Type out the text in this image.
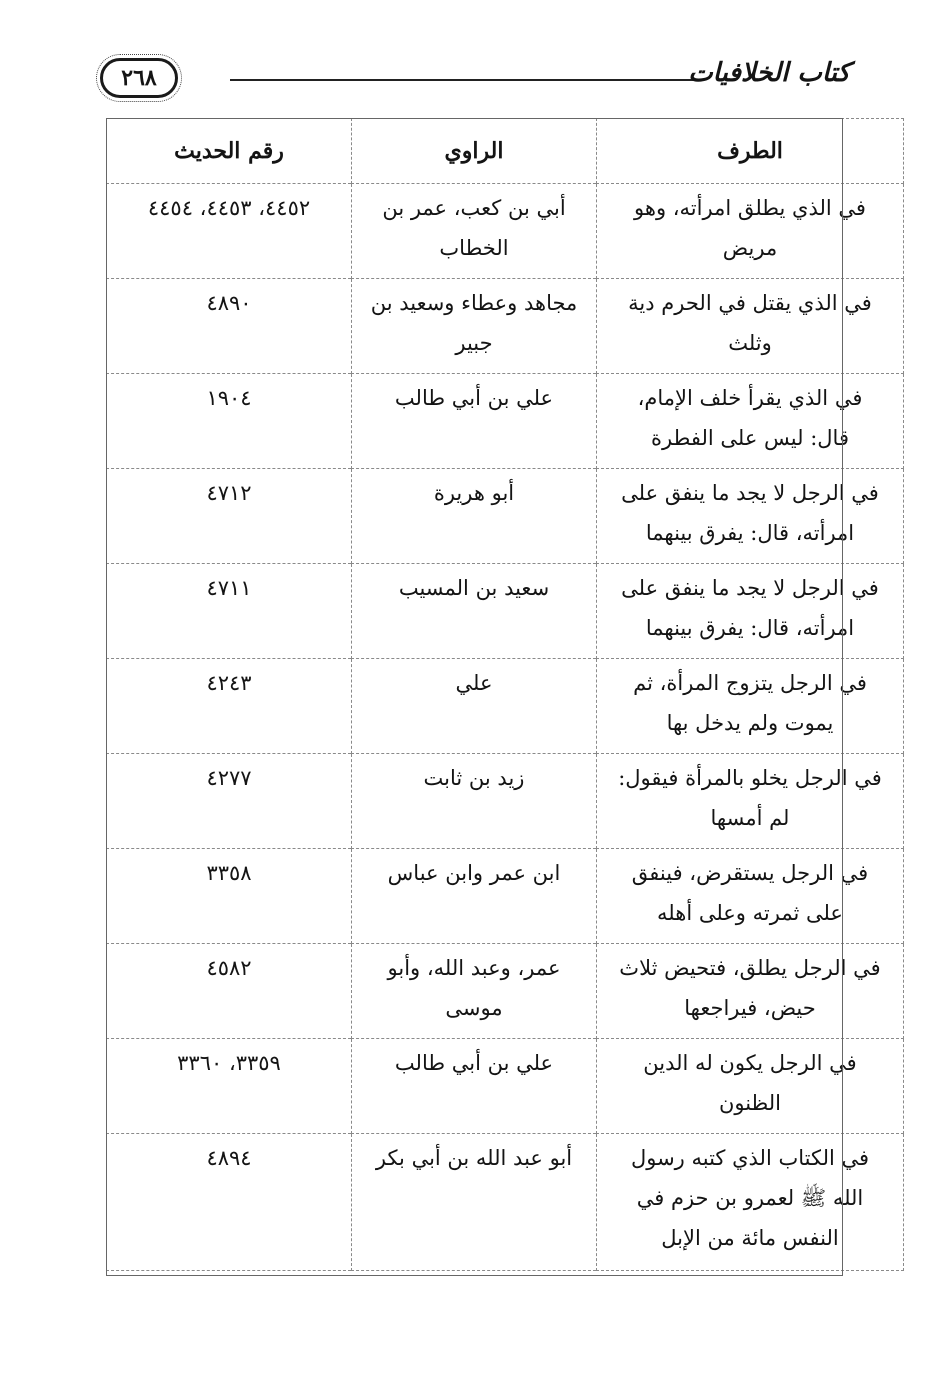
٢٦٨	كتاب الخلافيات
الطرف	الراوي	رقم الحديث
في الذي يطلق امرأته، وهو مريض	أبي بن كعب، عمر بن الخطاب	٤٤٥٢، ٤٤٥٣، ٤٤٥٤
في الذي يقتل في الحرم دية وثلث	مجاهد وعطاء وسعيد بن جبير	٤٨٩٠
في الذي يقرأ خلف الإمام، قال: ليس على الفطرة	علي بن أبي طالب	١٩٠٤
في الرجل لا يجد ما ينفق على امرأته، قال: يفرق بينهما	أبو هريرة	٤٧١٢
في الرجل لا يجد ما ينفق على امرأته، قال: يفرق بينهما	سعيد بن المسيب	٤٧١١
في الرجل يتزوج المرأة، ثم يموت ولم يدخل بها	علي	٤٢٤٣
في الرجل يخلو بالمرأة فيقول: لم أمسها	زيد بن ثابت	٤٢٧٧
في الرجل يستقرض، فينفق على ثمرته وعلى أهله	ابن عمر وابن عباس	٣٣٥٨
في الرجل يطلق، فتحيض ثلاث حيض، فيراجعها	عمر، وعبد الله، وأبو موسى	٤٥٨٢
في الرجل يكون له الدين الظنون	علي بن أبي طالب	٣٣٥٩، ٣٣٦٠
في الكتاب الذي كتبه رسول الله ﷺ لعمرو بن حزم في النفس مائة من الإبل	أبو عبد الله بن أبي بكر	٤٨٩٤
